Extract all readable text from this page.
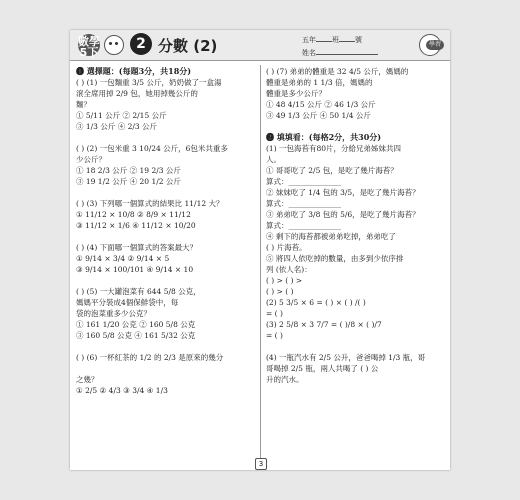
數學
5下
2 分數 (2)	五年 班 號
姓名
學習
❶ 選擇題：(每題3分，共18分)
( ) (1) 一包麵重 3/5 公斤，奶奶做了一盒湯
滾全席用掉 2/9 包，她用掉幾公斤的
麵？
① 5/11 公斤 ② 2/15 公斤
③ 1/3 公斤 ④ 2/3 公斤
( ) (2) 一包米重 3 10/24 公斤，6包米共重多
少公斤？
① 18 2/3 公斤 ② 19 2/3 公斤
③ 19 1/2 公斤 ④ 20 1/2 公斤
( ) (3) 下列哪一個算式的結果比 11/12 大？
① 11/12 × 10/8 ② 8/9 × 11/12
③ 11/12 × 1/6 ④ 11/12 × 10/20
( ) (4) 下面哪一個算式的答案最大？
① 9/14 × 3/4 ② 9/14 × 5
③ 9/14 × 100/101 ④ 9/14 × 10
( ) (5) 一大罐泡菜有 644 5/8 公克，
媽媽平分裝成4個保鮮袋中，每
袋的泡菜重多少公克？
① 161 1/20 公克 ② 160 5/8 公克
③ 160 5/8 公克 ④ 161 5/32 公克
( ) (6) 一杯紅茶的 1/2 的 2/3 是原來的幾分
之幾？
① 2/5 ② 4/3 ③ 3/4 ④ 1/3
( ) (7) 弟弟的體重是 32 4/5 公斤，媽媽的
體重是弟弟的 1 1/3 倍，媽媽的
體重是多少公斤？
① 48 4/15 公斤 ② 46 1/3 公斤
③ 49 1/3 公斤 ④ 50 1/4 公斤
❷ 填填看：(每格2分，共30分)
(1) 一包海苔有80片，分給兄弟姊妹共四
人。
① 哥哥吃了 2/5 包，是吃了幾片海苔？
算式：______________
② 妹妹吃了 1/4 包的 3/5，是吃了幾片海苔？
算式：______________
③ 弟弟吃了 3/8 包的 5/6，是吃了幾片海苔？
算式：______________
④ 剩下的海苔都被弟弟吃掉，弟弟吃了
( ) 片海苔。
⑤ 將四人依吃掉的數量，由多到少依序排
列 (依人名)：
( ) > ( ) >
( ) > ( )
(2) 5 3/5 × 6 = ( ) × ( ) /( )
= ( )
(3) 2 5/8 × 3 7/7 = ( )/8 × ( )/7
= ( )
(4) 一瓶汽水有 2/5 公升，爸爸喝掉 1/3 瓶，哥
哥喝掉 2/5 瓶，兩人共喝了 ( ) 公
升的汽水。
3
